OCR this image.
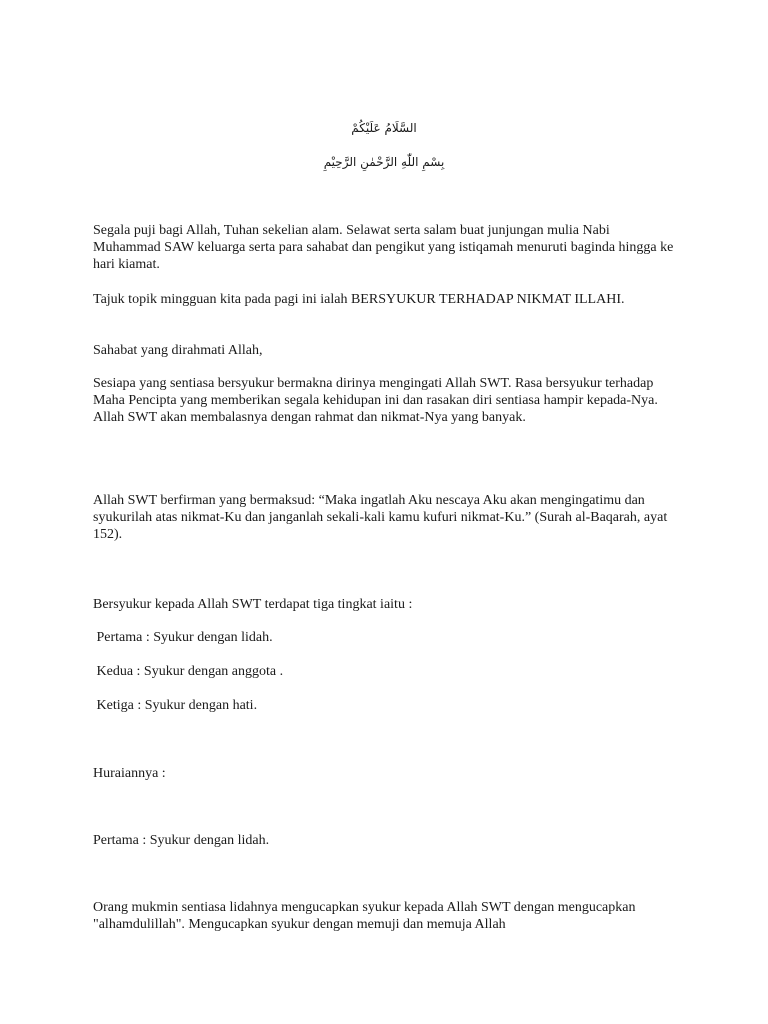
السَّلَامُ عَلَيْكُمْ
بِسْمِ اللّٰهِ الرَّحْمٰنِ الرَّحِيْمِ

Segala puji bagi Allah, Tuhan sekelian alam. Selawat serta salam buat junjungan mulia Nabi Muhammad SAW keluarga serta para sahabat dan pengikut yang istiqamah menuruti baginda hingga ke hari kiamat.

Tajuk topik mingguan kita pada pagi ini ialah BERSYUKUR TERHADAP NIKMAT ILLAHI.

Sahabat yang dirahmati Allah,

Sesiapa yang sentiasa bersyukur bermakna dirinya mengingati Allah SWT. Rasa bersyukur terhadap Maha Pencipta yang memberikan segala kehidupan ini dan rasakan diri sentiasa hampir kepada-Nya. Allah SWT akan membalasnya dengan rahmat dan nikmat-Nya yang banyak.

Allah SWT berfirman yang bermaksud: “Maka ingatlah Aku nescaya Aku akan mengingatimu dan syukurilah atas nikmat-Ku dan janganlah sekali-kali kamu kufuri nikmat-Ku.” (Surah al-Baqarah, ayat 152).

Bersyukur kepada Allah SWT terdapat tiga tingkat iaitu :

Pertama : Syukur dengan lidah.

Kedua : Syukur dengan anggota .

Ketiga : Syukur dengan hati.

Huraiannya :

Pertama : Syukur dengan lidah.

Orang mukmin sentiasa lidahnya mengucapkan syukur kepada Allah SWT dengan mengucapkan "alhamdulillah". Mengucapkan syukur dengan memuji dan memuja Allah
